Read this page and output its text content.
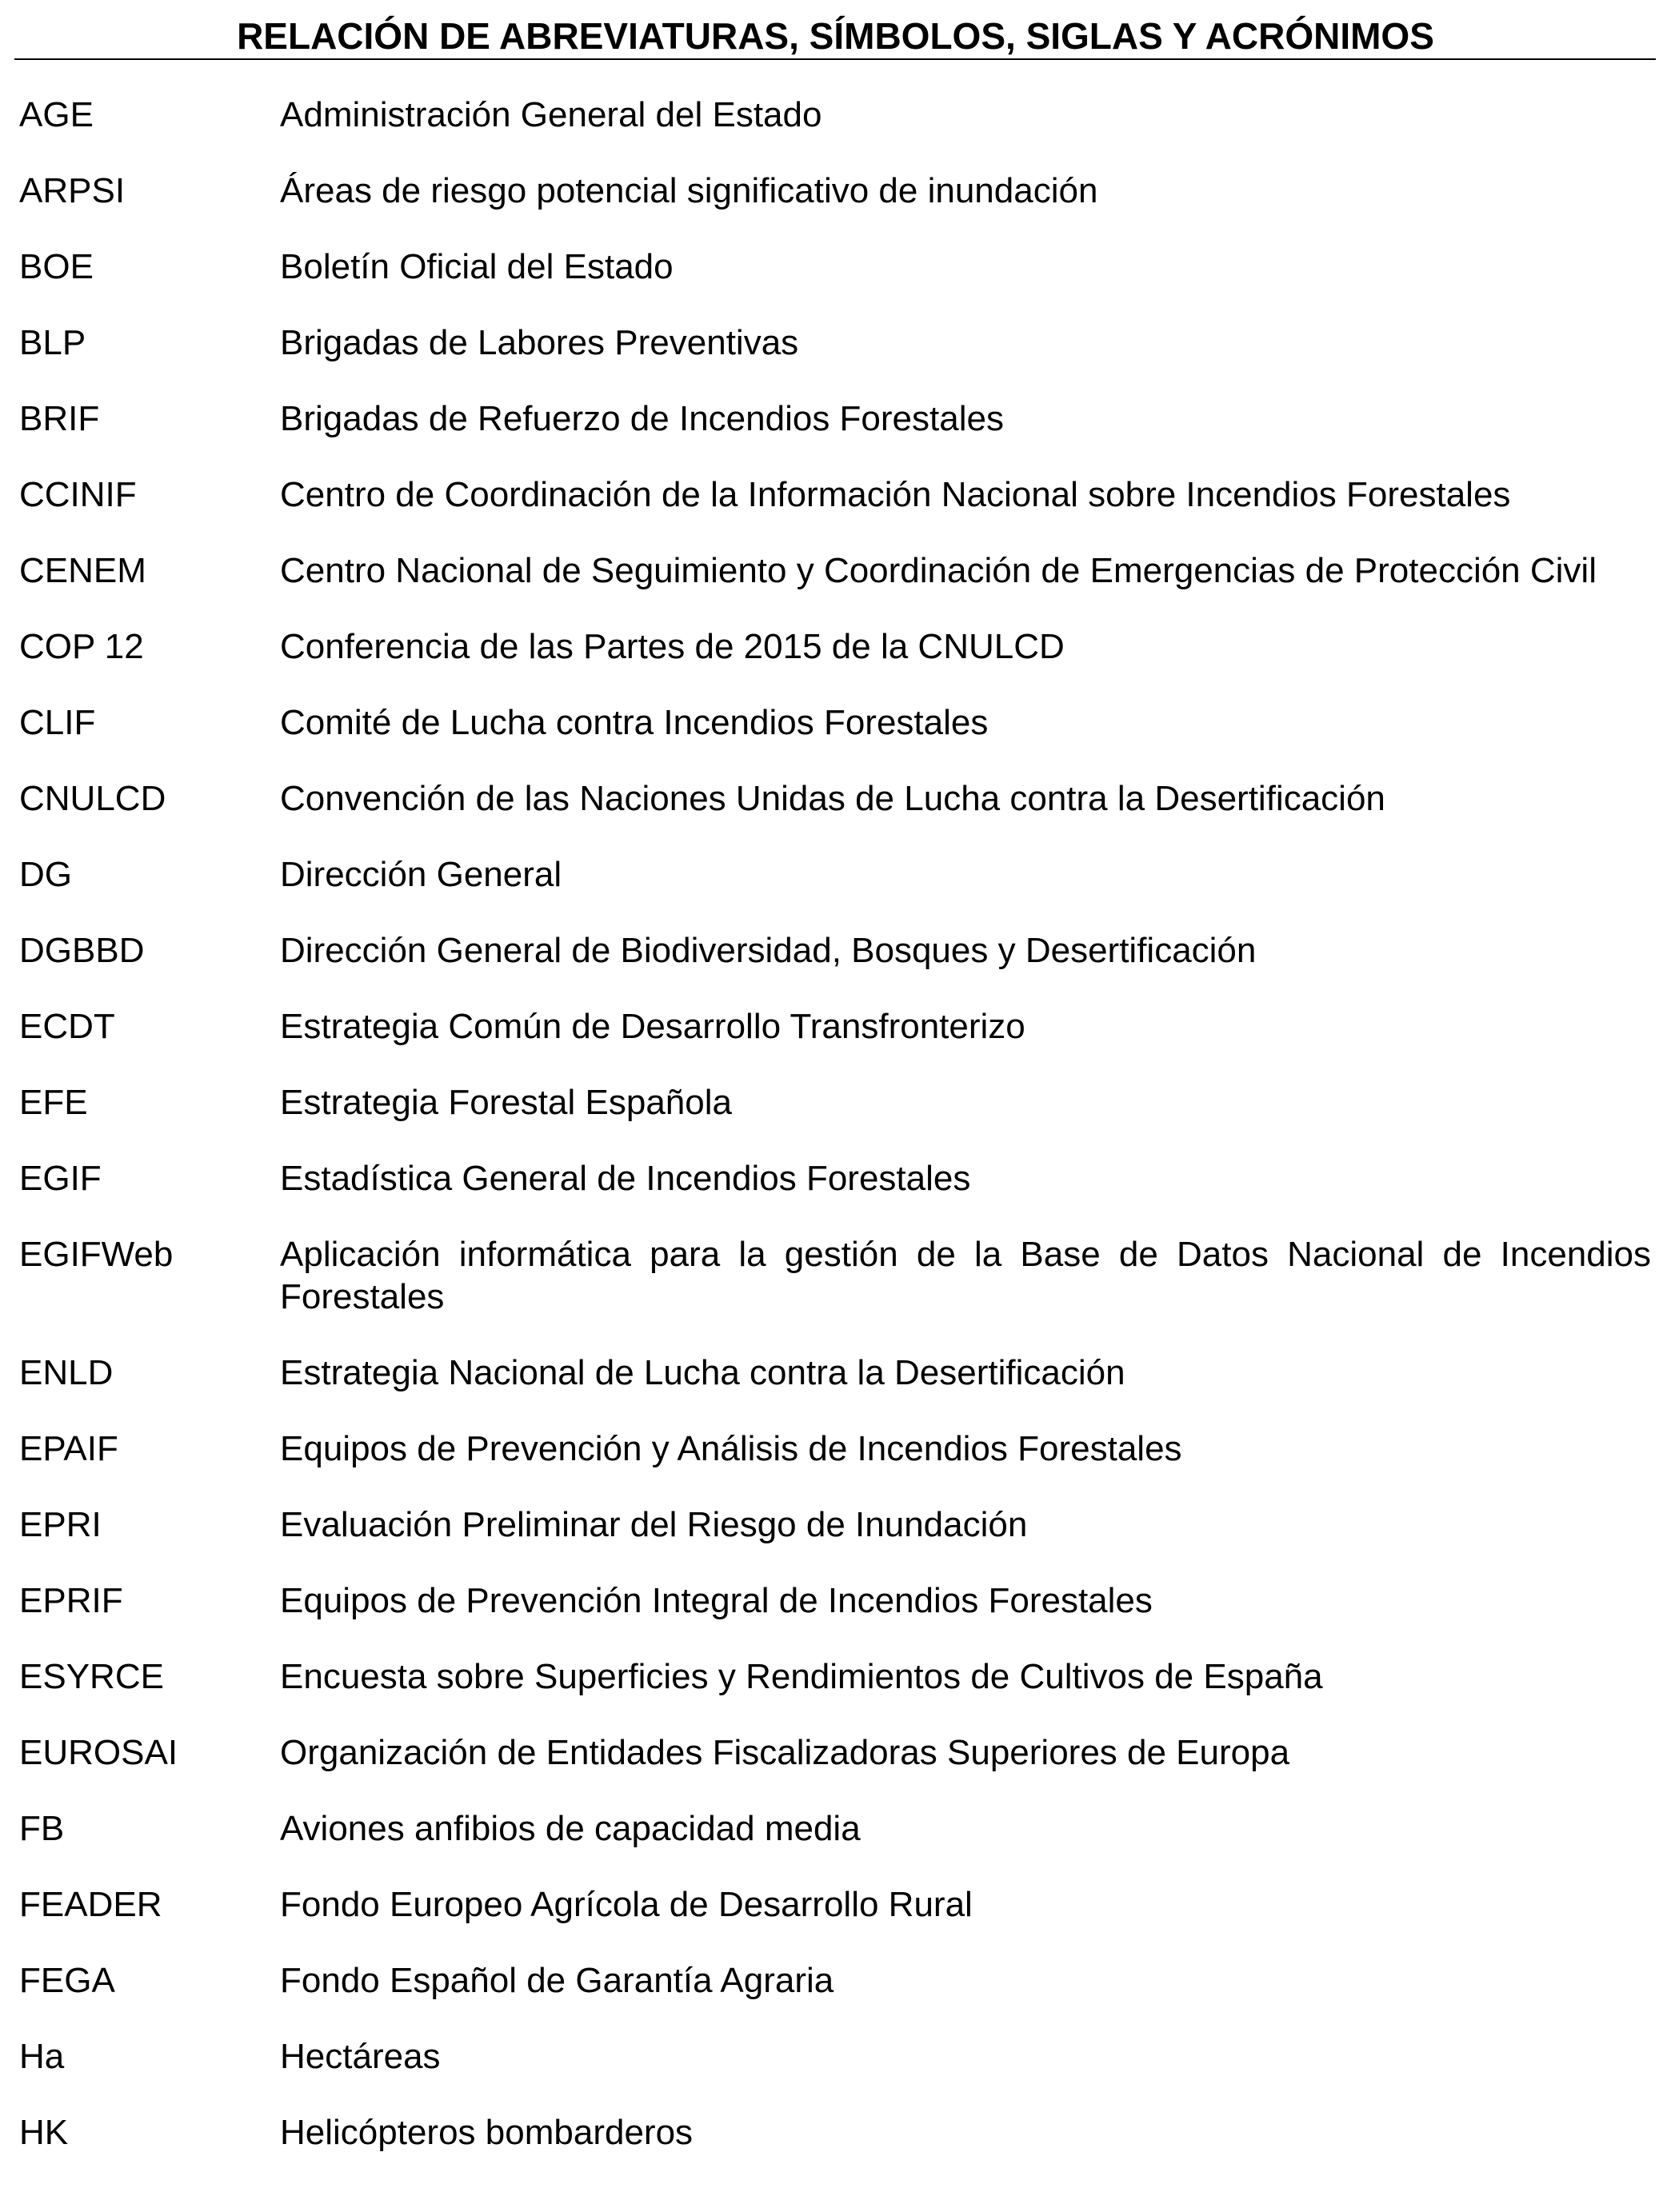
RELACIÓN DE ABREVIATURAS, SÍMBOLOS, SIGLAS Y ACRÓNIMOS
AGE	Administración General del Estado
ARPSI	Áreas de riesgo potencial significativo de inundación
BOE	Boletín Oficial del Estado
BLP	Brigadas de Labores Preventivas
BRIF	Brigadas de Refuerzo de Incendios Forestales
CCINIF	Centro de Coordinación de la Información Nacional sobre Incendios Forestales
CENEM	Centro Nacional de Seguimiento y Coordinación de Emergencias de Protección Civil
COP 12	Conferencia de las Partes de 2015 de la CNULCD
CLIF	Comité de Lucha contra Incendios Forestales
CNULCD	Convención de las Naciones Unidas de Lucha contra la Desertificación
DG	Dirección General
DGBBD	Dirección General de Biodiversidad, Bosques y Desertificación
ECDT	Estrategia Común de Desarrollo Transfronterizo
EFE	Estrategia Forestal Española
EGIF	Estadística General de Incendios Forestales
EGIFWeb	Aplicación informática para la gestión de la Base de Datos Nacional de Incendios Forestales
ENLD	Estrategia Nacional de Lucha contra la Desertificación
EPAIF	Equipos de Prevención y Análisis de Incendios Forestales
EPRI	Evaluación Preliminar del Riesgo de Inundación
EPRIF	Equipos de Prevención Integral de Incendios Forestales
ESYRCE	Encuesta sobre Superficies y Rendimientos de Cultivos de España
EUROSAI	Organización de Entidades Fiscalizadoras Superiores de Europa
FB	Aviones anfibios de capacidad media
FEADER	Fondo Europeo Agrícola de Desarrollo Rural
FEGA	Fondo Español de Garantía Agraria
Ha	Hectáreas
HK	Helicópteros bombarderos
